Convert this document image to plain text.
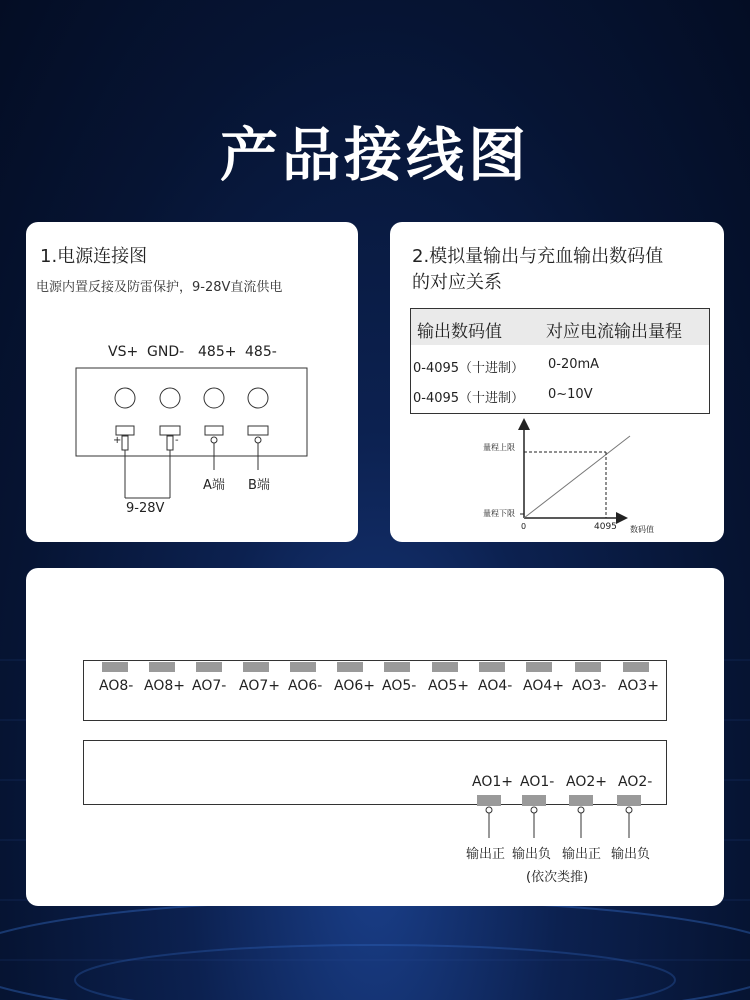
产品接线图
1.电源连接图
电源内置反接及防雷保护，9-28V直流供电
VS+ GND- 485+ 485-
+	-
A端 B端
9-28V
2.模拟量输出与充血输出数码值
的对应关系
输出数码值	对应电流输出量程
0-4095（十进制） 0-20mA
0-4095（十进制） 0~10V
量程上限
量程下限
0	4095 数码值
AO8- AO8+ AO7- AO7+ AO6- AO6+ AO5- AO5+ AO4- AO4+ AO3- AO3+
AO1+ AO1- AO2+ AO2-
输出正 输出负 输出正 输出负
(依次类推)
